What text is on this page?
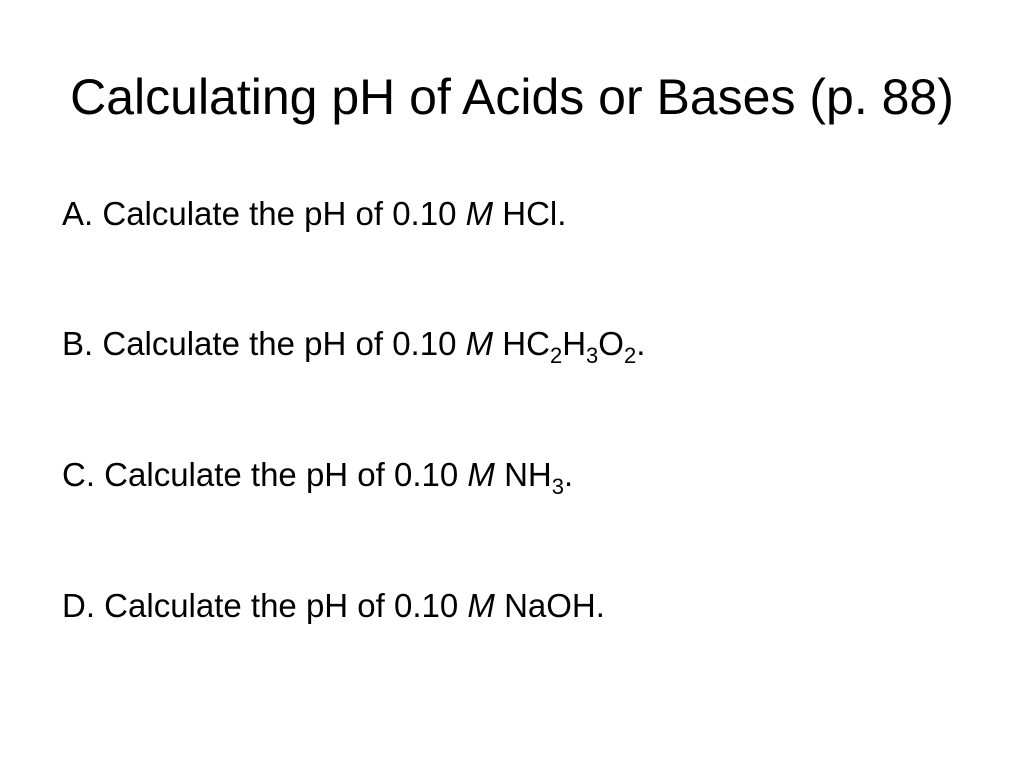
Calculating pH of Acids or Bases (p. 88)
A. Calculate the pH of 0.10 M HCl.
B. Calculate the pH of 0.10 M $HC_2H_3O_2$.
C. Calculate the pH of 0.10 M $NH_3$.
D. Calculate the pH of 0.10 M NaOH.
